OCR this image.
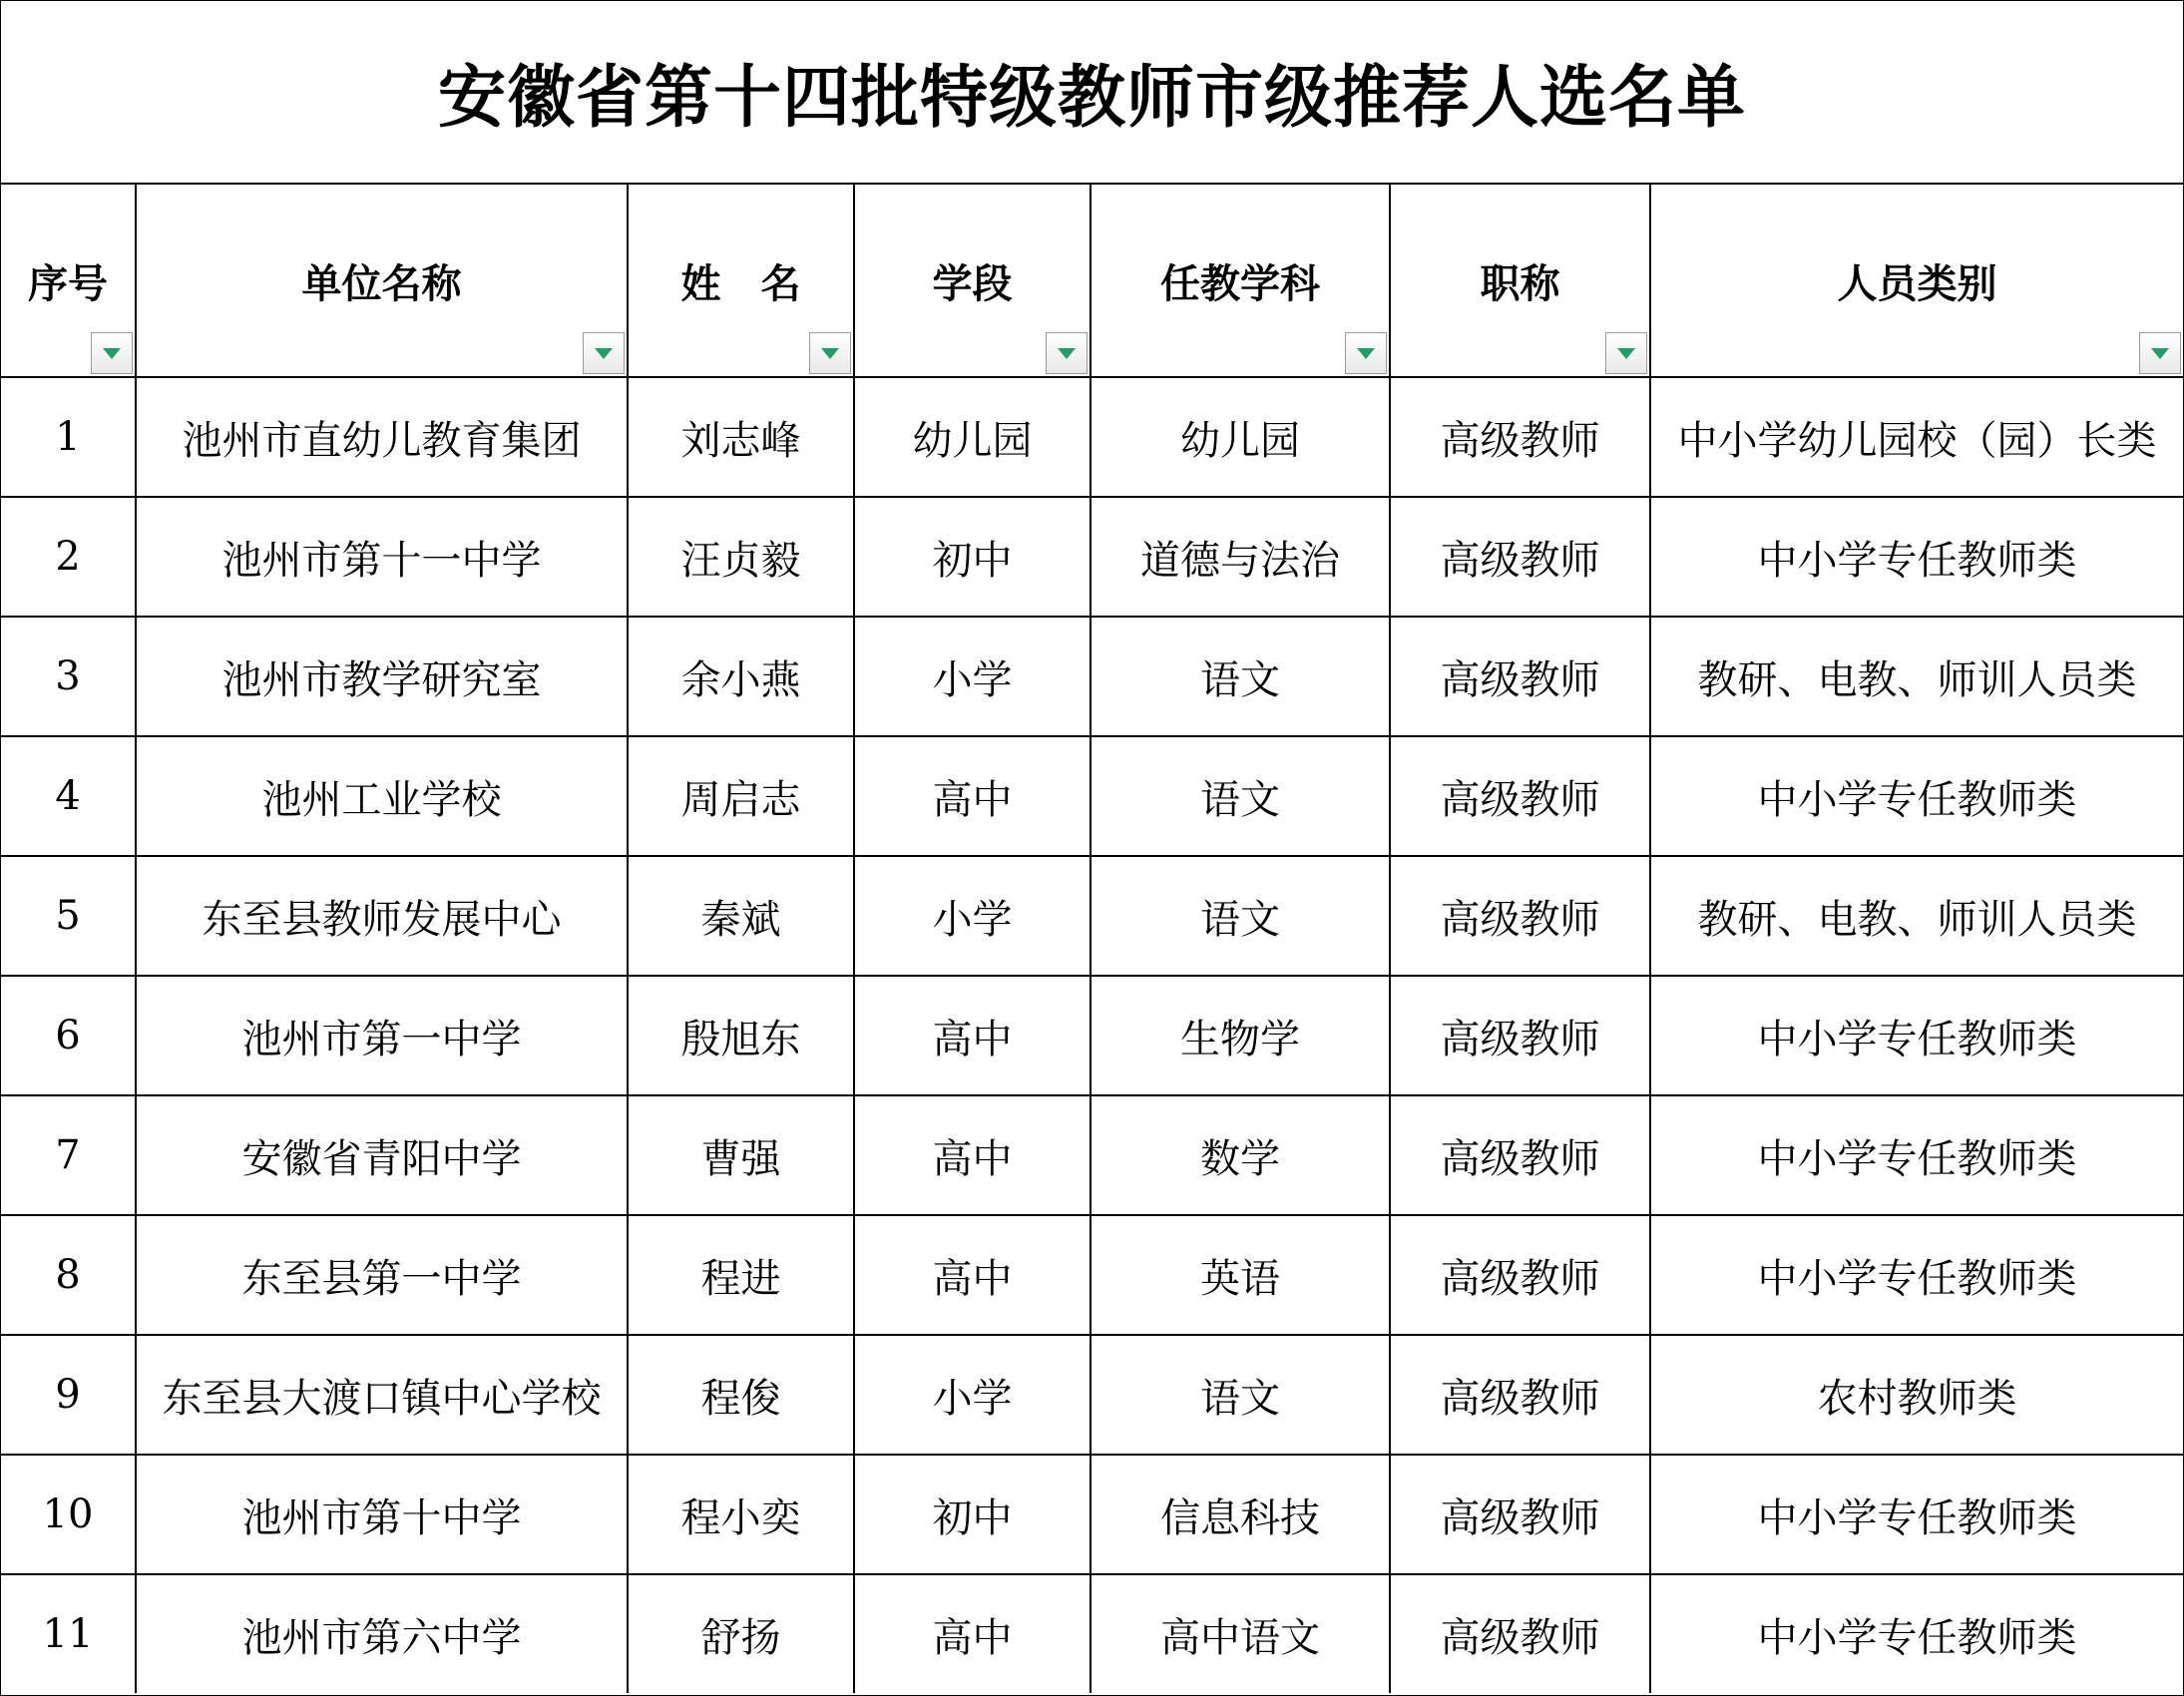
安徽省第十四批特级教师市级推荐人选名单
序号	单位名称	姓　名	学段	任教学科	职称	人员类别

1	池州市直幼儿教育集团	刘志峰	幼儿园	幼儿园	高级教师	中小学幼儿园校（园）长类
2	池州市第十一中学	汪贞毅	初中	道德与法治	高级教师	中小学专任教师类
3	池州市教学研究室	余小燕	小学	语文	高级教师	教研、电教、师训人员类
4	池州工业学校	周启志	高中	语文	高级教师	中小学专任教师类
5	东至县教师发展中心	秦斌	小学	语文	高级教师	教研、电教、师训人员类
6	池州市第一中学	殷旭东	高中	生物学	高级教师	中小学专任教师类
7	安徽省青阳中学	曹强	高中	数学	高级教师	中小学专任教师类
8	东至县第一中学	程进	高中	英语	高级教师	中小学专任教师类
9	东至县大渡口镇中心学校	程俊	小学	语文	高级教师	农村教师类
10	池州市第十中学	程小奕	初中	信息科技	高级教师	中小学专任教师类
11	池州市第六中学	舒扬	高中	高中语文	高级教师	中小学专任教师类
